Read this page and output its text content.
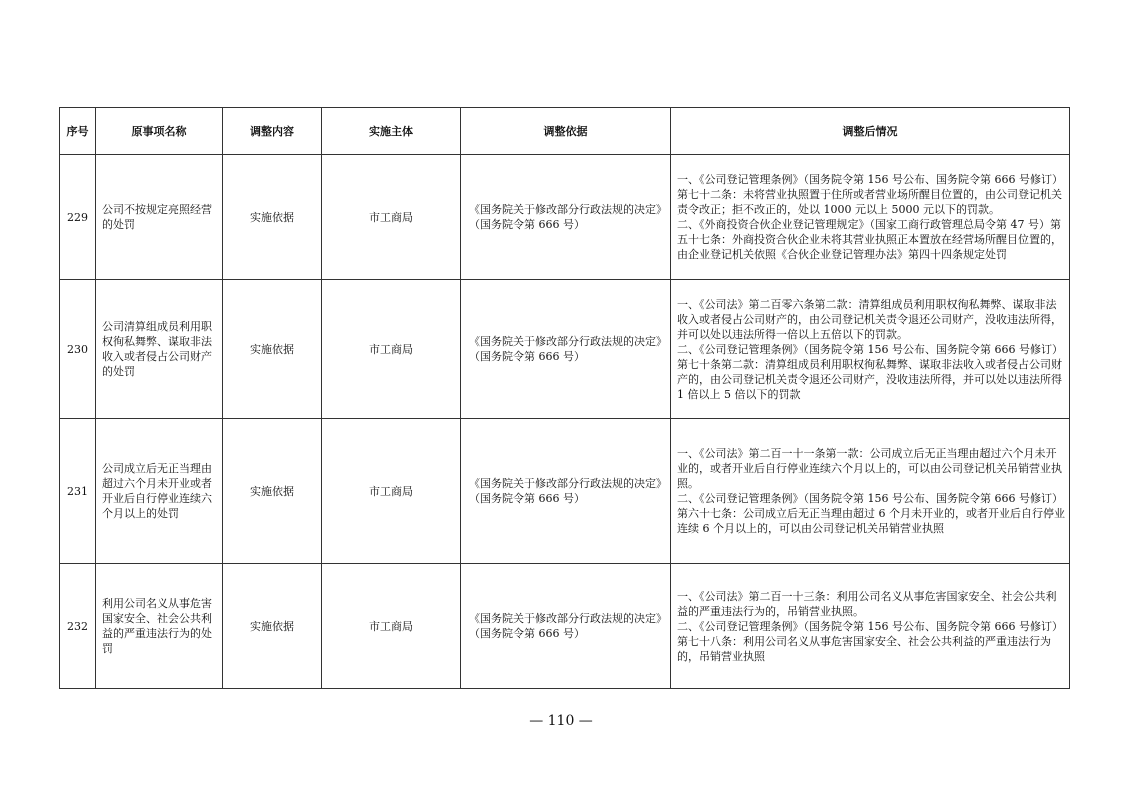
序号	原事项名称	调整内容	实施主体	调整依据	调整后情况
229	公司不按规定亮照经营的处罚	实施依据	市工商局	《国务院关于修改部分行政法规的决定》（国务院令第 666 号）	一、《公司登记管理条例》（国务院令第 156 号公布、国务院令第 666 号修订）第七十二条：未将营业执照置于住所或者营业场所醒目位置的，由公司登记机关责令改正；拒不改正的，处以 1000 元以上 5000 元以下的罚款。
二、《外商投资合伙企业登记管理规定》（国家工商行政管理总局令第 47 号）第五十七条：外商投资合伙企业未将其营业执照正本置放在经营场所醒目位置的，由企业登记机关依照《合伙企业登记管理办法》第四十四条规定处罚

230	公司清算组成员利用职权徇私舞弊、谋取非法收入或者侵占公司财产的处罚	实施依据	市工商局	《国务院关于修改部分行政法规的决定》（国务院令第 666 号）	一、《公司法》第二百零六条第二款：清算组成员利用职权徇私舞弊、谋取非法收入或者侵占公司财产的，由公司登记机关责令退还公司财产，没收违法所得，并可以处以违法所得一倍以上五倍以下的罚款。
二、《公司登记管理条例》（国务院令第 156 号公布、国务院令第 666 号修订）第七十条第二款：清算组成员利用职权徇私舞弊、谋取非法收入或者侵占公司财产的，由公司登记机关责令退还公司财产，没收违法所得，并可以处以违法所得 1 倍以上 5 倍以下的罚款

231	公司成立后无正当理由超过六个月未开业或者开业后自行停业连续六个月以上的处罚	实施依据	市工商局	《国务院关于修改部分行政法规的决定》（国务院令第 666 号）	一、《公司法》第二百一十一条第一款：公司成立后无正当理由超过六个月未开业的，或者开业后自行停业连续六个月以上的，可以由公司登记机关吊销营业执照。
二、《公司登记管理条例》（国务院令第 156 号公布、国务院令第 666 号修订）第六十七条：公司成立后无正当理由超过 6 个月未开业的，或者开业后自行停业连续 6 个月以上的，可以由公司登记机关吊销营业执照

232	利用公司名义从事危害国家安全、社会公共利益的严重违法行为的处罚	实施依据	市工商局	《国务院关于修改部分行政法规的决定》（国务院令第 666 号）	一、《公司法》第二百一十三条：利用公司名义从事危害国家安全、社会公共利益的严重违法行为的，吊销营业执照。
二、《公司登记管理条例》（国务院令第 156 号公布、国务院令第 666 号修订）第七十八条：利用公司名义从事危害国家安全、社会公共利益的严重违法行为的，吊销营业执照
— 110 —
